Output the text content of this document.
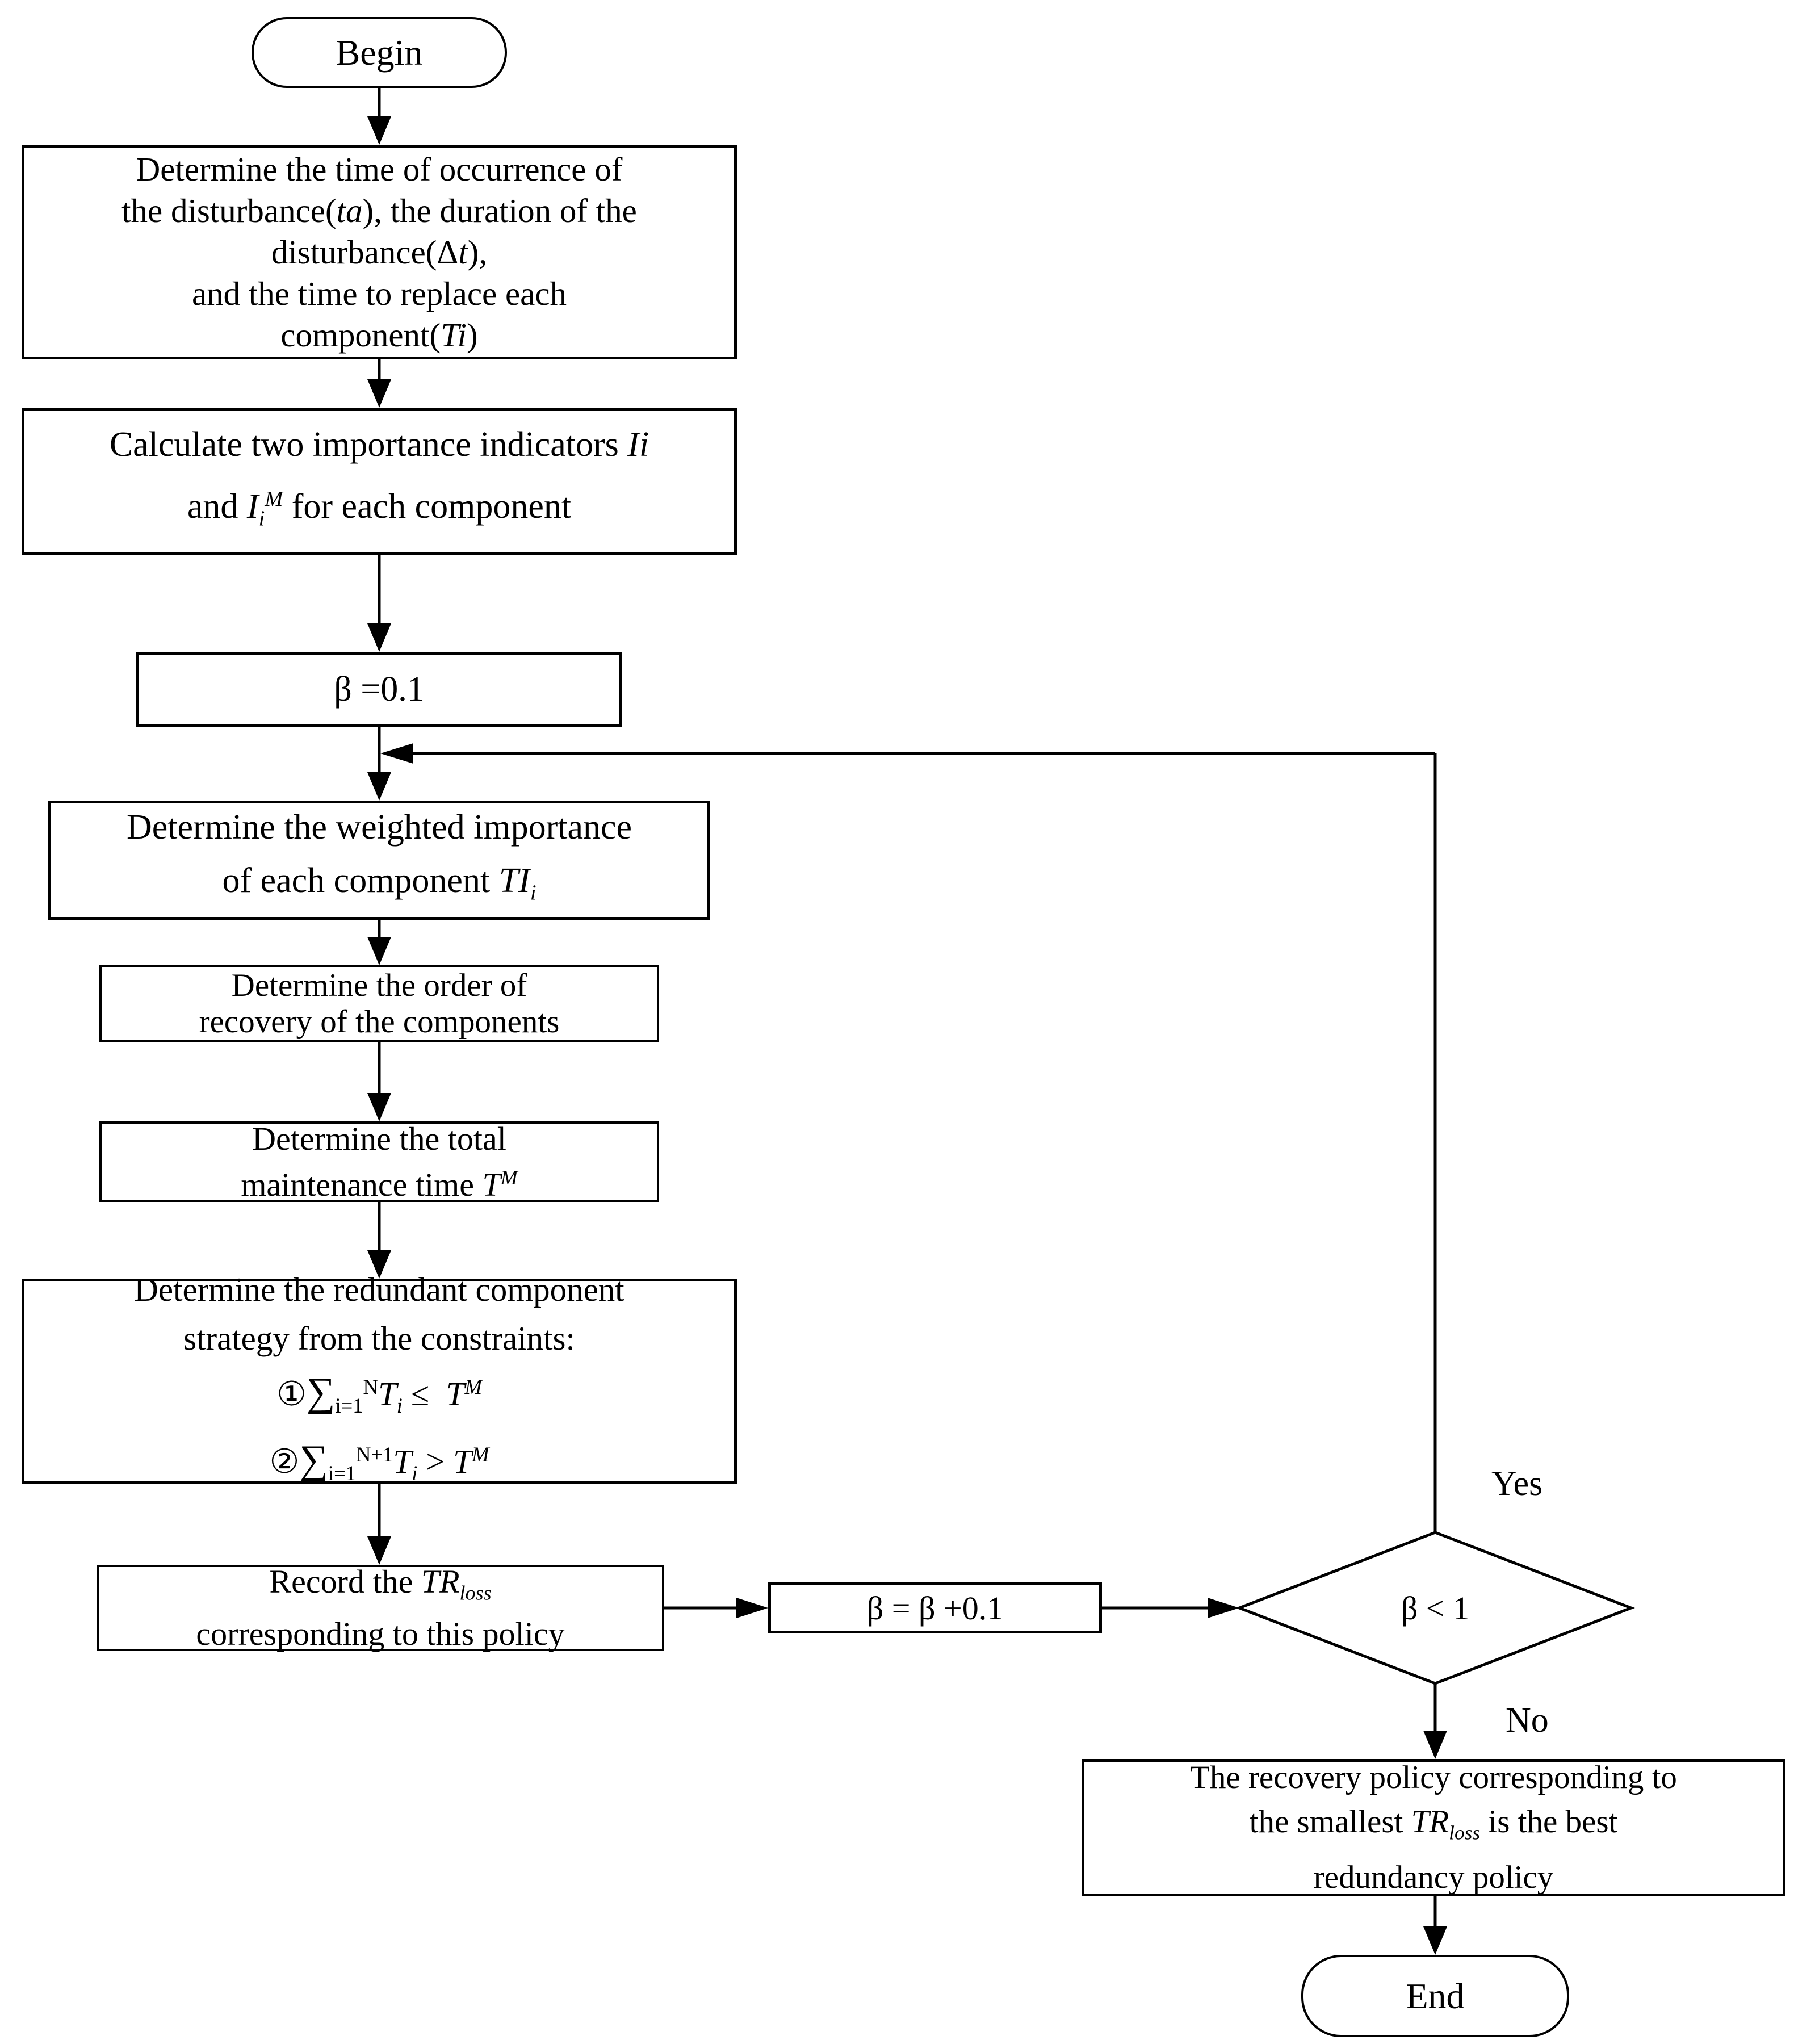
Begin
Determine the time of occurrence of
the disturbance(ta), the duration of the
disturbance(Δt),
and the time to replace each
component(Ti)
Calculate two importance indicators Ii
and $I_i^M$ for each component
β =0.1
Determine the weighted importance
of each component $TI_i$
Determine the order of
recovery of the components
Determine the total
maintenance time $T^M$
Determine the redundant component
strategy from the constraints:
$①\sum_{i=1}^NT_i \le T^M$
$②\sum_{i=1}^{N+1}T_i > T^M$
Record the $TR_{loss}$
corresponding to this policy
β = β +0.1	β < 1
The recovery policy corresponding to
the smallest $TR_{loss}$ is the best
redundancy policy
End
Yes
No
